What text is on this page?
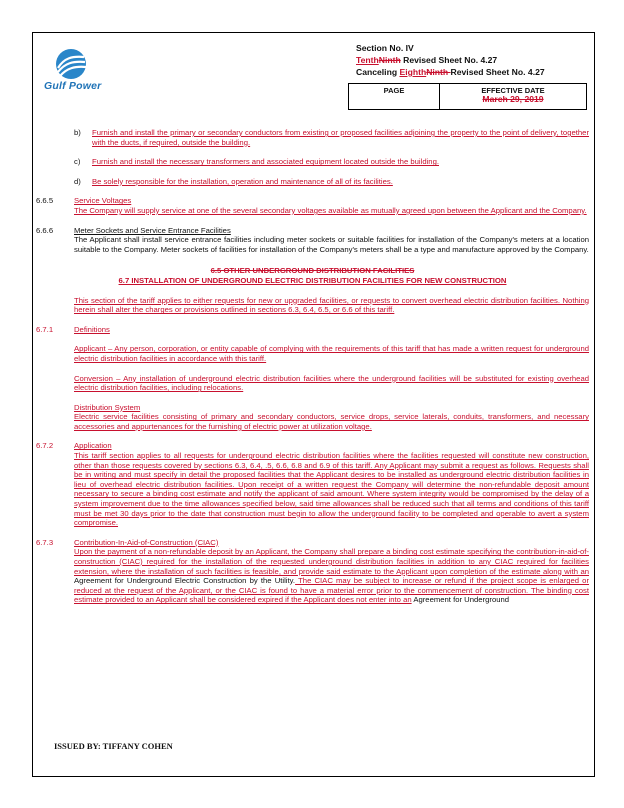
Gulf Power
Section No. IV
TenthNinth Revised Sheet No. 4.27
Canceling EighthNinth Revised Sheet No. 4.27
PAGE	EFFECTIVE DATE
March 29, 2019
b) Furnish and install the primary or secondary conductors from existing or proposed facilities adjoining the property to the point of delivery, together with the ducts, if required, outside the building.
c) Furnish and install the necessary transformers and associated equipment located outside the building.
d) Be solely responsible for the installation, operation and maintenance of all of its facilities.
6.6.5	Service Voltages
The Company will supply service at one of the several secondary voltages available as mutually agreed upon between the Applicant and the Company.
6.6.6	Meter Sockets and Service Entrance Facilities
The Applicant shall install service entrance facilities including meter sockets or suitable facilities for installation of the Company's meters at a location suitable to the Company. Meter sockets of facilities for installation of the Company's meters shall be a type and manufacture approved by the Company.
6.5 OTHER UNDERGROUND DISTRIBUTION FACILITIES
6.7 INSTALLATION OF UNDERGROUND ELECTRIC DISTRIBUTION FACILITIES FOR NEW CONSTRUCTION
This section of the tariff applies to either requests for new or upgraded facilities, or requests to convert overhead electric distribution facilities. Nothing herein shall alter the charges or provisions outlined in sections 6.3, 6.4, 6.5, or 6.6 of this tariff.
6.7.1	Definitions
Applicant – Any person, corporation, or entity capable of complying with the requirements of this tariff that has made a written request for underground electric distribution facilities in accordance with this tariff.
Conversion – Any installation of underground electric distribution facilities where the underground facilities will be substituted for existing overhead electric distribution facilities, including relocations.
Distribution System
Electric service facilities consisting of primary and secondary conductors, service drops, service laterals, conduits, transformers, and necessary accessories and appurtenances for the furnishing of electric power at utilization voltage.
6.7.2	Application
This tariff section applies to all requests for underground electric distribution facilities where the facilities requested will constitute new construction, other than those requests covered by sections 6.3, 6.4, .5, 6.6, 6.8 and 6.9 of this tariff. Any Applicant may submit a request as follows. Requests shall be in writing and must specify in detail the proposed facilities that the Applicant desires to be installed as underground electric distribution facilities in lieu of overhead electric distribution facilities. Upon receipt of a written request the Company will determine the non-refundable deposit amount necessary to secure a binding cost estimate and notify the applicant of said amount. Where system integrity would be compromised by the delay of a system improvement due to the time allowances specified below, said time allowances shall be reduced such that all terms and conditions of this tariff must be met 30 days prior to the date that construction must begin to allow the underground facility to be completed and operable to avert a system compromise.
6.7.3	Contribution-In-Aid-of-Construction (CIAC)
Upon the payment of a non-refundable deposit by an Applicant, the Company shall prepare a binding cost estimate specifying the contribution-in-aid-of-construction (CIAC) required for the installation of the requested underground distribution facilities in addition to any CIAC required for facilities extension, where the installation of such facilities is feasible, and provide said estimate to the Applicant upon completion of the estimate along with an Agreement for Underground Electric Construction by the Utility. The CIAC may be subject to increase or refund if the project scope is enlarged or reduced at the request of the Applicant, or the CIAC is found to have a material error prior to the commencement of construction. The binding cost estimate provided to an Applicant shall be considered expired if the Applicant does not enter into an Agreement for Underground
ISSUED BY: TIFFANY COHEN
